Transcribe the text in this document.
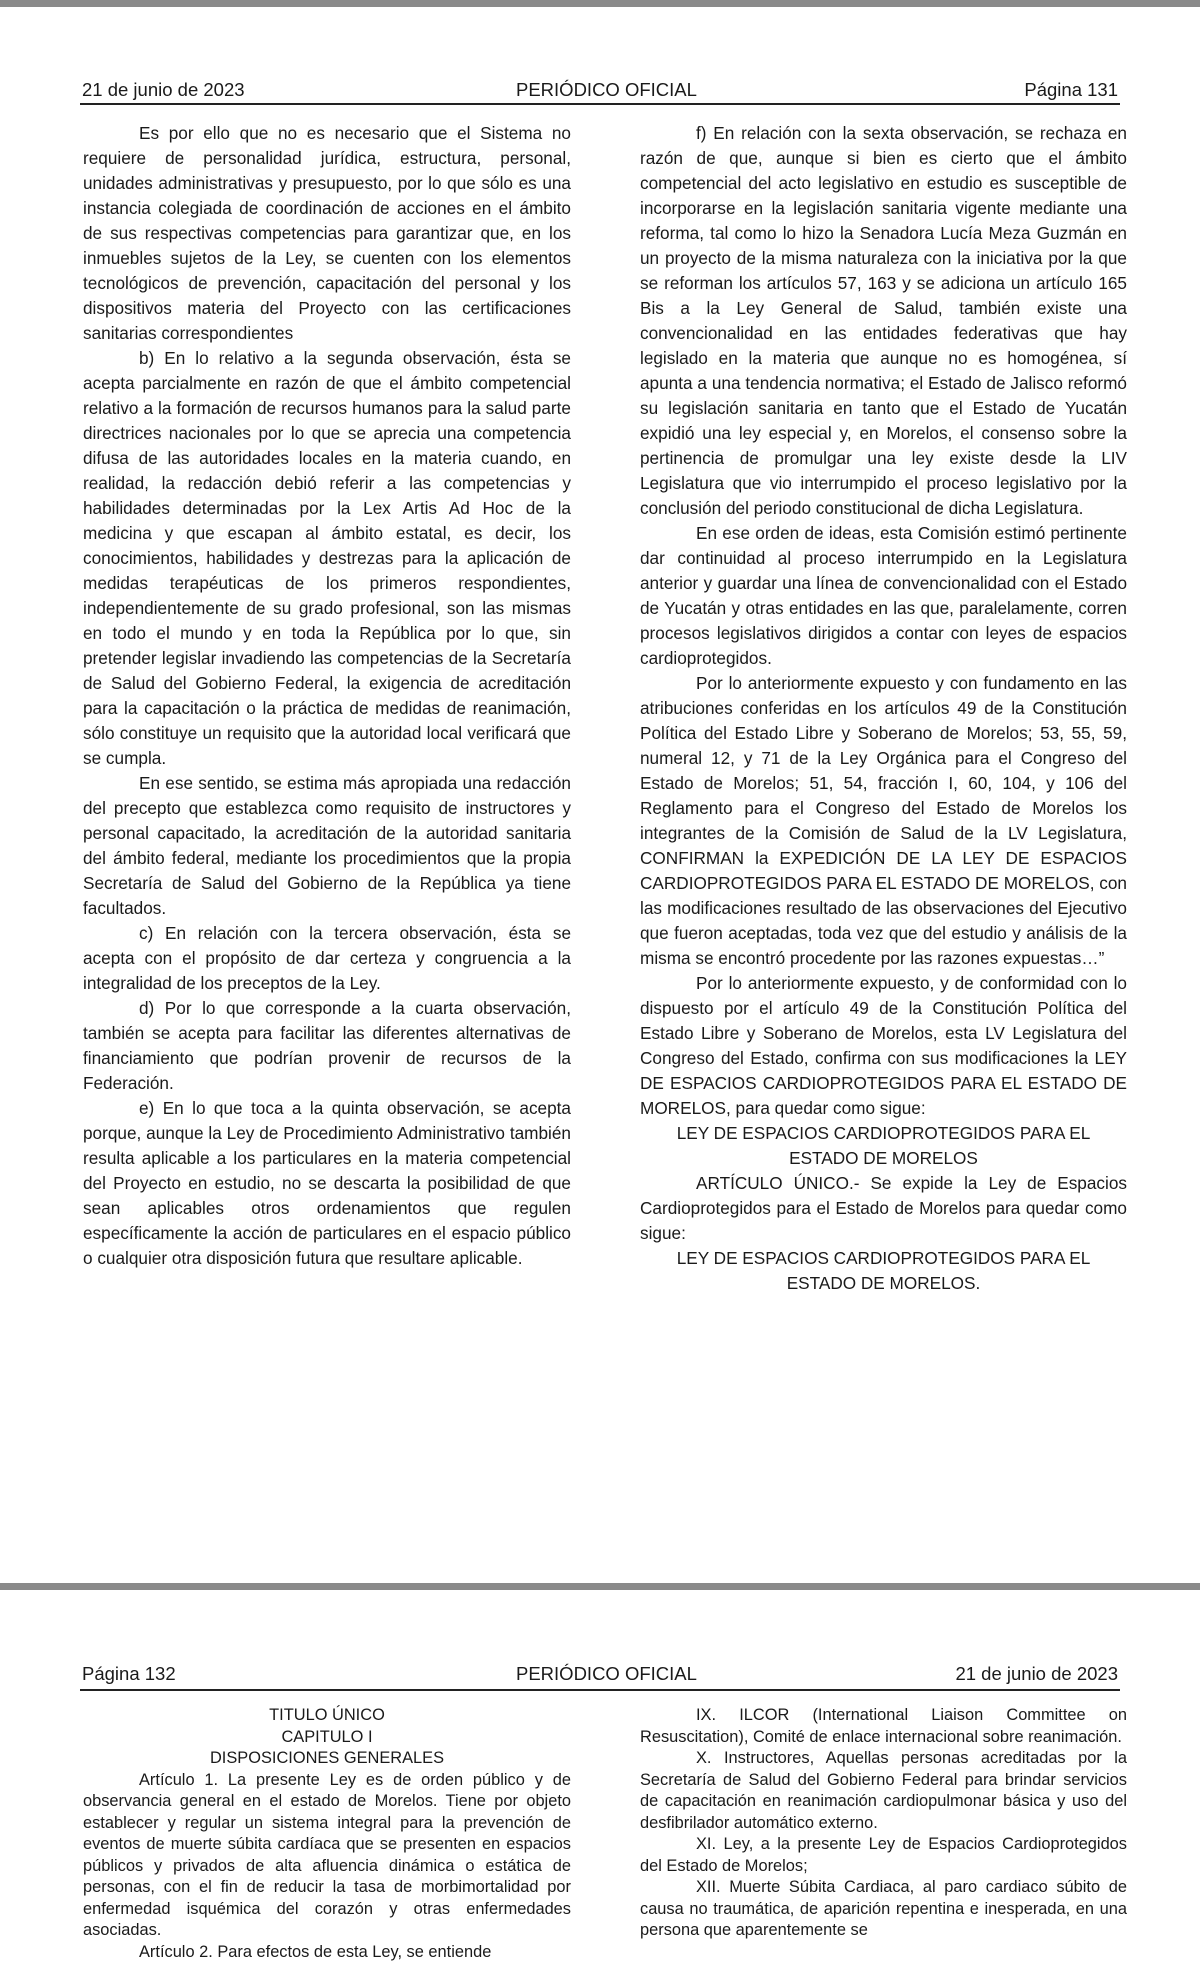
21 de junio de 2023	PERIÓDICO OFICIAL	Página 131

Es por ello que no es necesario que el Sistema no requiere de personalidad jurídica, estructura, personal, unidades administrativas y presupuesto, por lo que sólo es una instancia colegiada de coordinación de acciones en el ámbito de sus respectivas competencias para garantizar que, en los inmuebles sujetos de la Ley, se cuenten con los elementos tecnológicos de prevención, capacitación del personal y los dispositivos materia del Proyecto con las certificaciones sanitarias correspondientes

b) En lo relativo a la segunda observación, ésta se acepta parcialmente en razón de que el ámbito competencial relativo a la formación de recursos humanos para la salud parte directrices nacionales por lo que se aprecia una competencia difusa de las autoridades locales en la materia cuando, en realidad, la redacción debió referir a las competencias y habilidades determinadas por la Lex Artis Ad Hoc de la medicina y que escapan al ámbito estatal, es decir, los conocimientos, habilidades y destrezas para la aplicación de medidas terapéuticas de los primeros respondientes, independientemente de su grado profesional, son las mismas en todo el mundo y en toda la República por lo que, sin pretender legislar invadiendo las competencias de la Secretaría de Salud del Gobierno Federal, la exigencia de acreditación para la capacitación o la práctica de medidas de reanimación, sólo constituye un requisito que la autoridad local verificará que se cumpla.

En ese sentido, se estima más apropiada una redacción del precepto que establezca como requisito de instructores y personal capacitado, la acreditación de la autoridad sanitaria del ámbito federal, mediante los procedimientos que la propia Secretaría de Salud del Gobierno de la República ya tiene facultados.

c) En relación con la tercera observación, ésta se acepta con el propósito de dar certeza y congruencia a la integralidad de los preceptos de la Ley.

d) Por lo que corresponde a la cuarta observación, también se acepta para facilitar las diferentes alternativas de financiamiento que podrían provenir de recursos de la Federación.

e) En lo que toca a la quinta observación, se acepta porque, aunque la Ley de Procedimiento Administrativo también resulta aplicable a los particulares en la materia competencial del Proyecto en estudio, no se descarta la posibilidad de que sean aplicables otros ordenamientos que regulen específicamente la acción de particulares en el espacio público o cualquier otra disposición futura que resultare aplicable.

f) En relación con la sexta observación, se rechaza en razón de que, aunque si bien es cierto que el ámbito competencial del acto legislativo en estudio es susceptible de incorporarse en la legislación sanitaria vigente mediante una reforma, tal como lo hizo la Senadora Lucía Meza Guzmán en un proyecto de la misma naturaleza con la iniciativa por la que se reforman los artículos 57, 163 y se adiciona un artículo 165 Bis a la Ley General de Salud, también existe una convencionalidad en las entidades federativas que hay legislado en la materia que aunque no es homogénea, sí apunta a una tendencia normativa; el Estado de Jalisco reformó su legislación sanitaria en tanto que el Estado de Yucatán expidió una ley especial y, en Morelos, el consenso sobre la pertinencia de promulgar una ley existe desde la LIV Legislatura que vio interrumpido el proceso legislativo por la conclusión del periodo constitucional de dicha Legislatura.

En ese orden de ideas, esta Comisión estimó pertinente dar continuidad al proceso interrumpido en la Legislatura anterior y guardar una línea de convencionalidad con el Estado de Yucatán y otras entidades en las que, paralelamente, corren procesos legislativos dirigidos a contar con leyes de espacios cardioprotegidos.

Por lo anteriormente expuesto y con fundamento en las atribuciones conferidas en los artículos 49 de la Constitución Política del Estado Libre y Soberano de Morelos; 53, 55, 59, numeral 12, y 71 de la Ley Orgánica para el Congreso del Estado de Morelos; 51, 54, fracción I, 60, 104, y 106 del Reglamento para el Congreso del Estado de Morelos los integrantes de la Comisión de Salud de la LV Legislatura, CONFIRMAN la EXPEDICIÓN DE LA LEY DE ESPACIOS CARDIOPROTEGIDOS PARA EL ESTADO DE MORELOS, con las modificaciones resultado de las observaciones del Ejecutivo que fueron aceptadas, toda vez que del estudio y análisis de la misma se encontró procedente por las razones expuestas…”

Por lo anteriormente expuesto, y de conformidad con lo dispuesto por el artículo 49 de la Constitución Política del Estado Libre y Soberano de Morelos, esta LV Legislatura del Congreso del Estado, confirma con sus modificaciones la LEY DE ESPACIOS CARDIOPROTEGIDOS PARA EL ESTADO DE MORELOS, para quedar como sigue:

LEY DE ESPACIOS CARDIOPROTEGIDOS PARA EL ESTADO DE MORELOS

ARTÍCULO ÚNICO.- Se expide la Ley de Espacios Cardioprotegidos para el Estado de Morelos para quedar como sigue:

LEY DE ESPACIOS CARDIOPROTEGIDOS PARA EL ESTADO DE MORELOS.

Página 132	PERIÓDICO OFICIAL	21 de junio de 2023

TITULO ÚNICO

CAPITULO I

DISPOSICIONES GENERALES

Artículo 1. La presente Ley es de orden público y de observancia general en el estado de Morelos. Tiene por objeto establecer y regular un sistema integral para la prevención de eventos de muerte súbita cardíaca que se presenten en espacios públicos y privados de alta afluencia dinámica o estática de personas, con el fin de reducir la tasa de morbimortalidad por enfermedad isquémica del corazón y otras enfermedades asociadas.

Artículo 2. Para efectos de esta Ley, se entiende

IX. ILCOR (International Liaison Committee on Resuscitation), Comité de enlace internacional sobre reanimación.

X. Instructores, Aquellas personas acreditadas por la Secretaría de Salud del Gobierno Federal para brindar servicios de capacitación en reanimación cardiopulmonar básica y uso del desfibrilador automático externo.

XI. Ley, a la presente Ley de Espacios Cardioprotegidos del Estado de Morelos;

XII. Muerte Súbita Cardiaca, al paro cardiaco súbito de causa no traumática, de aparición repentina e inesperada, en una persona que aparentemente se
